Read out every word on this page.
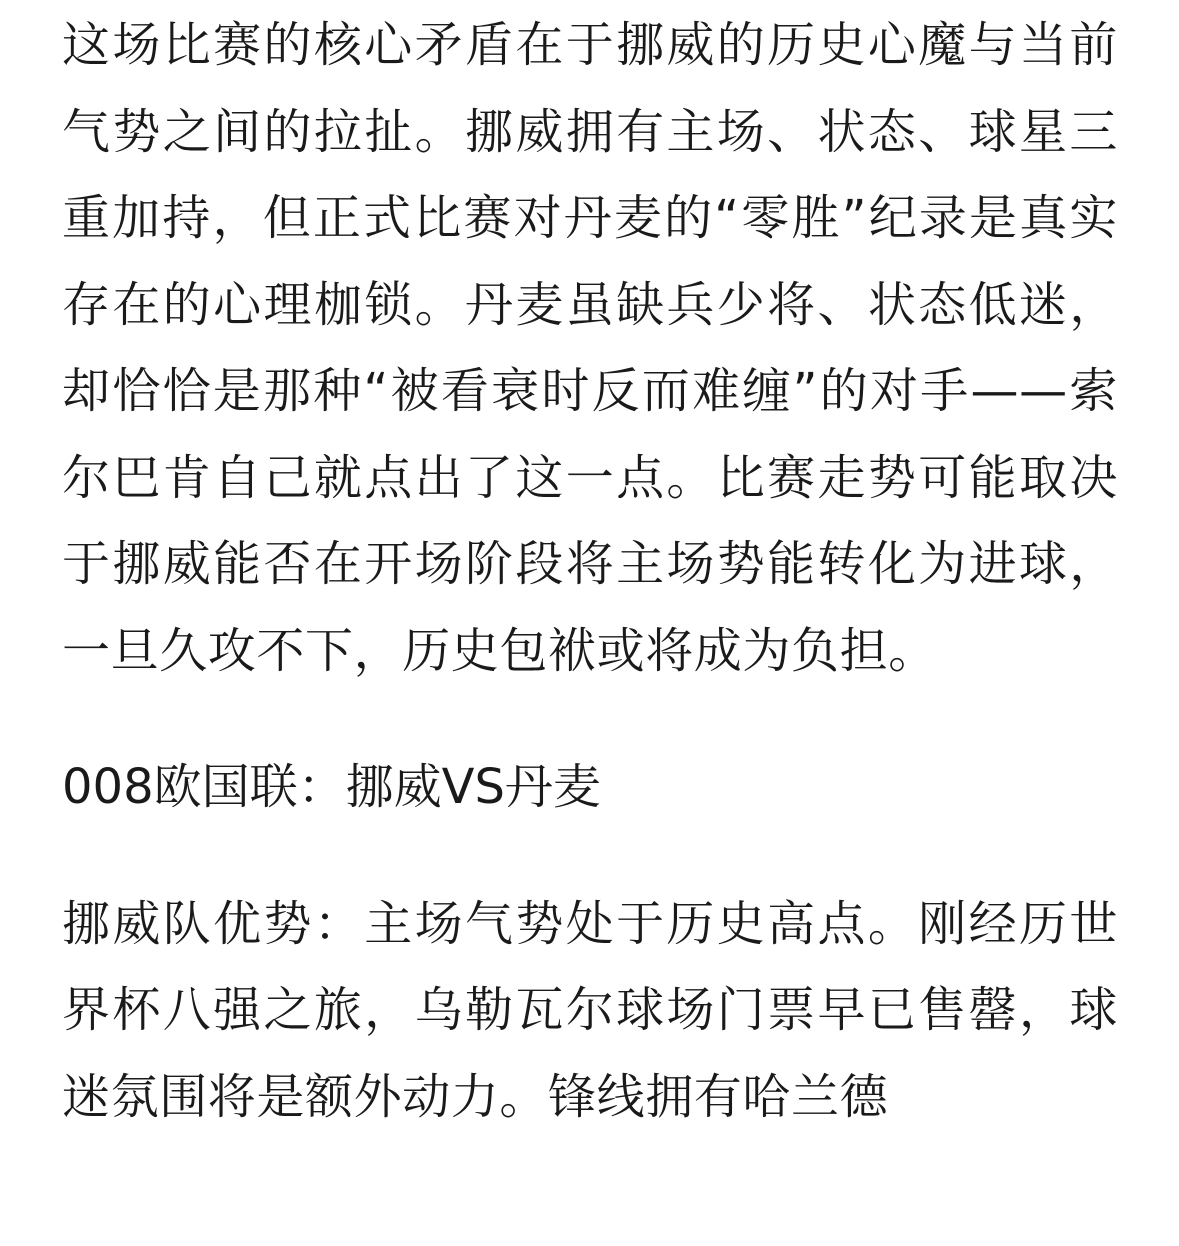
这场比赛的核心矛盾在于挪威的历史心魔与当前气势之间的拉扯。挪威拥有主场、状态、球星三重加持，但正式比赛对丹麦的“零胜”纪录是真实存在的心理枷锁。丹麦虽缺兵少将、状态低迷，却恰恰是那种“被看衰时反而难缠”的对手——索尔巴肯自己就点出了这一点。比赛走势可能取决于挪威能否在开场阶段将主场势能转化为进球，一旦久攻不下，历史包袱或将成为负担。

008欧国联：挪威VS丹麦

挪威队优势：主场气势处于历史高点。刚经历世界杯八强之旅，乌勒瓦尔球场门票早已售罄，球迷氛围将是额外动力。锋线拥有哈兰德
